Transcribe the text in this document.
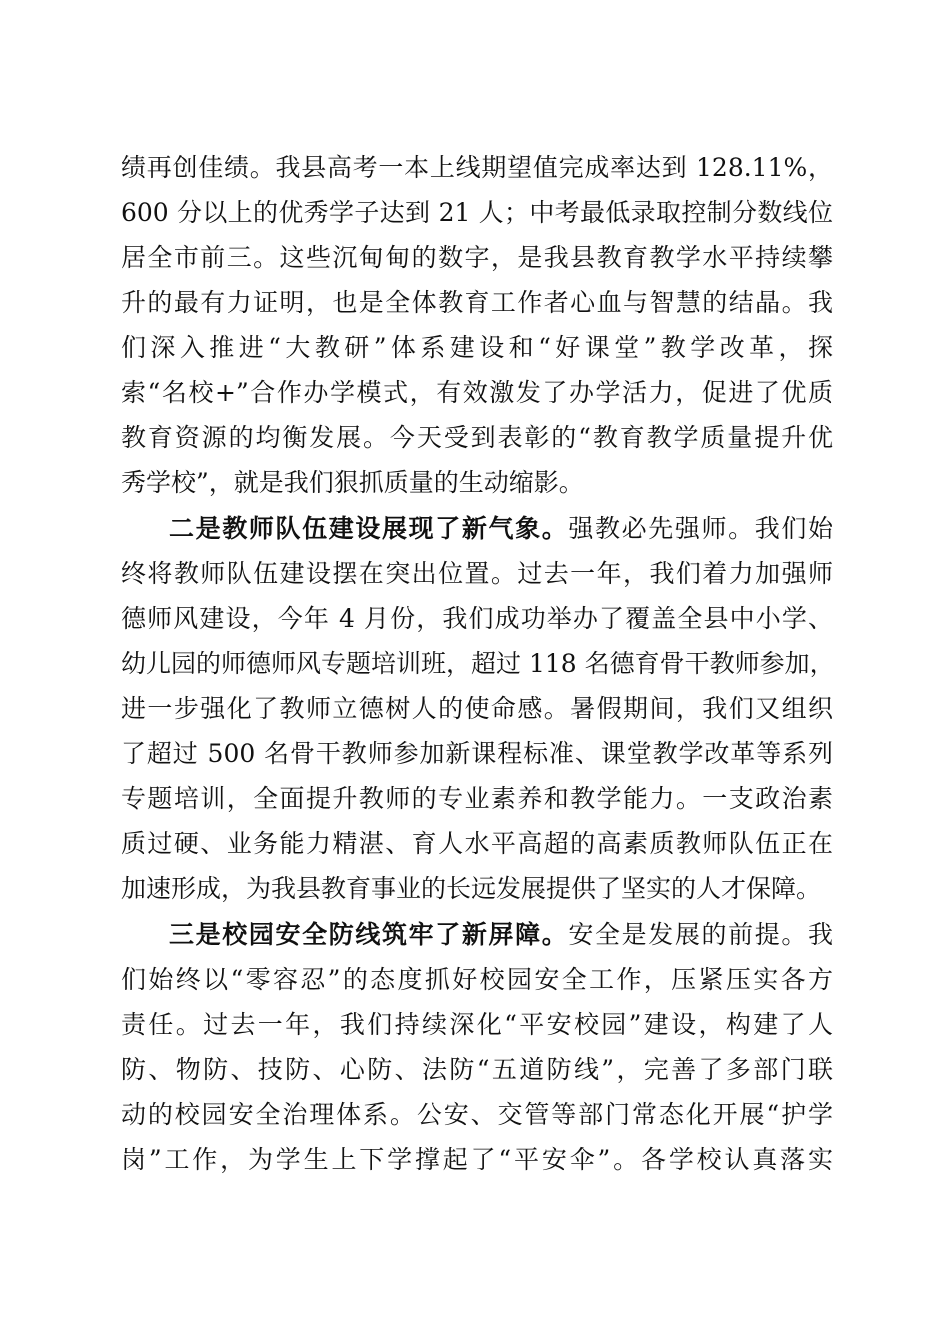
绩再创佳绩。我县高考一本上线期望值完成率达到 128.11%，
600 分以上的优秀学子达到 21 人；中考最低录取控制分数线位
居全市前三。这些沉甸甸的数字，是我县教育教学水平持续攀
升的最有力证明，也是全体教育工作者心血与智慧的结晶。我
们深入推进“大教研”体系建设和“好课堂”教学改革，探
索“名校+”合作办学模式，有效激发了办学活力，促进了优质
教育资源的均衡发展。今天受到表彰的“教育教学质量提升优
秀学校”，就是我们狠抓质量的生动缩影。
二是教师队伍建设展现了新气象。强教必先强师。我们始
终将教师队伍建设摆在突出位置。过去一年，我们着力加强师
德师风建设，今年 4 月份，我们成功举办了覆盖全县中小学、
幼儿园的师德师风专题培训班，超过 118 名德育骨干教师参加，
进一步强化了教师立德树人的使命感。暑假期间，我们又组织
了超过 500 名骨干教师参加新课程标准、课堂教学改革等系列
专题培训，全面提升教师的专业素养和教学能力。一支政治素
质过硬、业务能力精湛、育人水平高超的高素质教师队伍正在
加速形成，为我县教育事业的长远发展提供了坚实的人才保障。
三是校园安全防线筑牢了新屏障。安全是发展的前提。我
们始终以“零容忍”的态度抓好校园安全工作，压紧压实各方
责任。过去一年，我们持续深化“平安校园”建设，构建了人
防、物防、技防、心防、法防“五道防线”，完善了多部门联
动的校园安全治理体系。公安、交管等部门常态化开展“护学
岗”工作，为学生上下学撑起了“平安伞”。各学校认真落实
